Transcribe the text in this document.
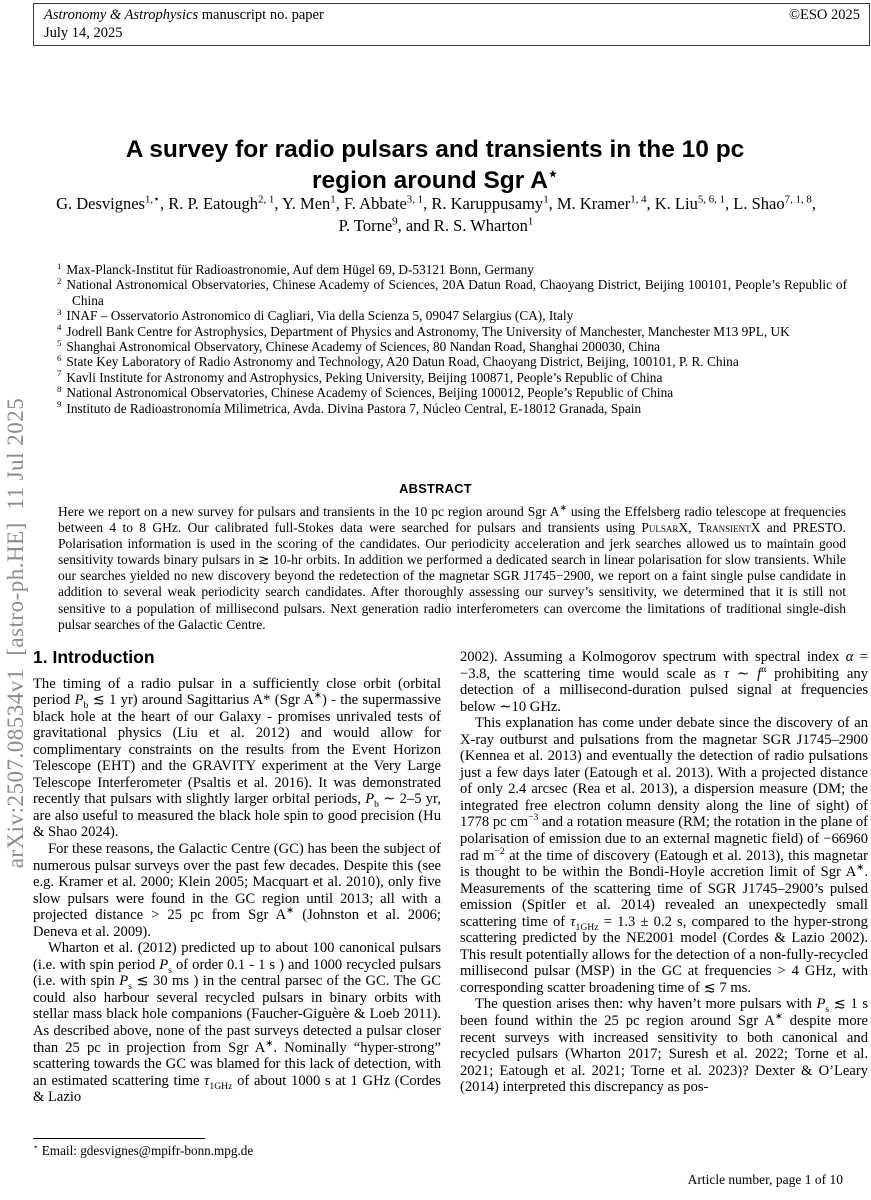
arXiv:2507.08534v1  [astro-ph.HE]  11 Jul 2025
Astronomy & Astrophysics manuscript no. paper
July 14, 2025
©ESO 2025
A survey for radio pulsars and transients in the 10 pc region around Sgr A⋆
G. Desvignes$^{1,⋆}$, R. P. Eatough$^{2, 1}$, Y. Men$^1$, F. Abbate$^{3, 1}$, R. Karuppusamy$^1$, M. Kramer$^{1, 4}$, K. Liu$^{5, 6, 1}$, L. Shao$^{7, 1, 8}$,
P. Torne$^9$, and R. S. Wharton$^1$
$^1$ Max-Planck-Institut für Radioastronomie, Auf dem Hügel 69, D-53121 Bonn, Germany
$^2$ National Astronomical Observatories, Chinese Academy of Sciences, 20A Datun Road, Chaoyang District, Beijing 100101, People’s Republic of China
$^3$ INAF – Osservatorio Astronomico di Cagliari, Via della Scienza 5, 09047 Selargius (CA), Italy
$^4$ Jodrell Bank Centre for Astrophysics, Department of Physics and Astronomy, The University of Manchester, Manchester M13 9PL, UK
$^5$ Shanghai Astronomical Observatory, Chinese Academy of Sciences, 80 Nandan Road, Shanghai 200030, China
$^6$ State Key Laboratory of Radio Astronomy and Technology, A20 Datun Road, Chaoyang District, Beijing, 100101, P. R. China
$^7$ Kavli Institute for Astronomy and Astrophysics, Peking University, Beijing 100871, People’s Republic of China
$^8$ National Astronomical Observatories, Chinese Academy of Sciences, Beijing 100012, People’s Republic of China
$^9$ Instituto de Radioastronomía Milimetrica, Avda. Divina Pastora 7, Núcleo Central, E-18012 Granada, Spain
ABSTRACT

Here we report on a new survey for pulsars and transients in the 10 pc region around Sgr A∗ using the Effelsberg radio telescope at frequencies between 4 to 8 GHz. Our calibrated full-Stokes data were searched for pulsars and transients using PulsarX, TransientX and PRESTO. Polarisation information is used in the scoring of the candidates. Our periodicity acceleration and jerk searches allowed us to maintain good sensitivity towards binary pulsars in ≳ 10-hr orbits. In addition we performed a dedicated search in linear polarisation for slow transients. While our searches yielded no new discovery beyond the redetection of the magnetar SGR J1745−2900, we report on a faint single pulse candidate in addition to several weak periodicity search candidates. After thoroughly assessing our survey’s sensitivity, we determined that it is still not sensitive to a population of millisecond pulsars. Next generation radio interferometers can overcome the limitations of traditional single-dish pulsar searches of the Galactic Centre.

1. Introduction

The timing of a radio pulsar in a sufficiently close orbit (orbital period $P_b$ ≲ 1 yr) around Sagittarius A* (Sgr A∗) - the supermassive black hole at the heart of our Galaxy - promises unrivaled tests of gravitational physics (Liu et al. 2012) and would allow for complimentary constraints on the results from the Event Horizon Telescope (EHT) and the GRAVITY experiment at the Very Large Telescope Interferometer (Psaltis et al. 2016). It was demonstrated recently that pulsars with slightly larger orbital periods, $P_b$ ∼ 2–5 yr, are also useful to measured the black hole spin to good precision (Hu & Shao 2024).

For these reasons, the Galactic Centre (GC) has been the subject of numerous pulsar surveys over the past few decades. Despite this (see e.g. Kramer et al. 2000; Klein 2005; Macquart et al. 2010), only five slow pulsars were found in the GC region until 2013; all with a projected distance > 25 pc from Sgr A∗ (Johnston et al. 2006; Deneva et al. 2009).

Wharton et al. (2012) predicted up to about 100 canonical pulsars (i.e. with spin period $P_s$ of order 0.1 - 1 s ) and 1000 recycled pulsars (i.e. with spin $P_s$ ≲ 30 ms ) in the central parsec of the GC. The GC could also harbour several recycled pulsars in binary orbits with stellar mass black hole companions (Faucher-Giguère & Loeb 2011). As described above, none of the past surveys detected a pulsar closer than 25 pc in projection from Sgr A∗. Nominally “hyper-strong” scattering towards the GC was blamed for this lack of detection, with an estimated scattering time $\tau_{1GHz}$ of about 1000 s at 1 GHz (Cordes & Lazio

2002). Assuming a Kolmogorov spectrum with spectral index α = −3.8, the scattering time would scale as τ ∼ $f^\alpha$ prohibiting any detection of a millisecond-duration pulsed signal at frequencies below ∼10 GHz.

This explanation has come under debate since the discovery of an X-ray outburst and pulsations from the magnetar SGR J1745–2900 (Kennea et al. 2013) and eventually the detection of radio pulsations just a few days later (Eatough et al. 2013). With a projected distance of only 2.4 arcsec (Rea et al. 2013), a dispersion measure (DM; the integrated free electron column density along the line of sight) of 1778 pc $cm^{-3}$ and a rotation measure (RM; the rotation in the plane of polarisation of emission due to an external magnetic field) of −66960 rad $m^{-2}$ at the time of discovery (Eatough et al. 2013), this magnetar is thought to be within the Bondi-Hoyle accretion limit of Sgr A∗. Measurements of the scattering time of SGR J1745–2900’s pulsed emission (Spitler et al. 2014) revealed an unexpectedly small scattering time of $\tau_{1GHz} = 1.3 \pm 0.2$ s, compared to the hyper-strong scattering predicted by the NE2001 model (Cordes & Lazio 2002). This result potentially allows for the detection of a non-fully-recycled millisecond pulsar (MSP) in the GC at frequencies > 4 GHz, with corresponding scatter broadening time of ≲ 7 ms.

The question arises then: why haven’t more pulsars with $P_s$ ≲ 1 s been found within the 25 pc region around Sgr A∗ despite more recent surveys with increased sensitivity to both canonical and recycled pulsars (Wharton 2017; Suresh et al. 2022; Torne et al. 2021; Eatough et al. 2021; Torne et al. 2023)? Dexter & O’Leary (2014) interpreted this discrepancy as pos-

⋆ Email: gdesvignes@mpifr-bonn.mpg.de
Article number, page 1 of 10
